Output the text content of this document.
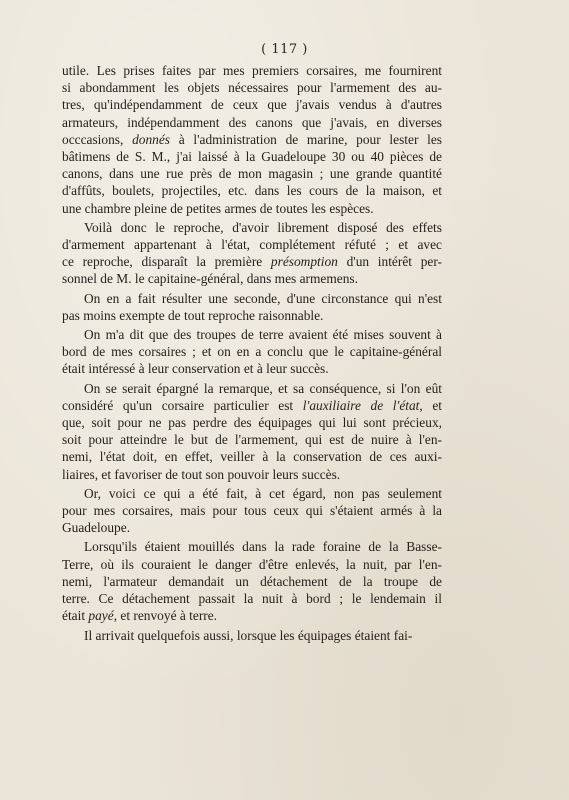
( 117 )
utile. Les prises faites par mes premiers corsaires, me fournirent
si abondamment les objets nécessaires pour l'armement des au-
tres, qu'indépendamment de ceux que j'avais vendus à d'autres
armateurs, indépendamment des canons que j'avais, en diverses
occcasions, donnés à l'administration de marine, pour lester les
bâtimens de S. M., j'ai laissé à la Guadeloupe 30 ou 40 pièces de
canons, dans une rue près de mon magasin ; une grande quantité
d'affûts, boulets, projectiles, etc. dans les cours de la maison, et
une chambre pleine de petites armes de toutes les espèces.
Voilà donc le reproche, d'avoir librement disposé des effets
d'armement appartenant à l'état, complétement réfuté ; et avec
ce reproche, disparaît la première présomption d'un intérêt per-
sonnel de M. le capitaine-général, dans mes armemens.
On en a fait résulter une seconde, d'une circonstance qui n'est
pas moins exempte de tout reproche raisonnable.
On m'a dit que des troupes de terre avaient été mises souvent à
bord de mes corsaires ; et on en a conclu que le capitaine-général
était intéressé à leur conservation et à leur succès.
On se serait épargné la remarque, et sa conséquence, si l'on eût
considéré qu'un corsaire particulier est l'auxiliaire de l'état, et
que, soit pour ne pas perdre des équipages qui lui sont précieux,
soit pour atteindre le but de l'armement, qui est de nuire à l'en-
nemi, l'état doit, en effet, veiller à la conservation de ces auxi-
liaires, et favoriser de tout son pouvoir leurs succès.
Or, voici ce qui a été fait, à cet égard, non pas seulement
pour mes corsaires, mais pour tous ceux qui s'étaient armés à la
Guadeloupe.
Lorsqu'ils étaient mouillés dans la rade foraine de la Basse-
Terre, où ils couraient le danger d'être enlevés, la nuit, par l'en-
nemi, l'armateur demandait un détachement de la troupe de
terre. Ce détachement passait la nuit à bord ; le lendemain il
était payé, et renvoyé à terre.
Il arrivait quelquefois aussi, lorsque les équipages étaient fai-
